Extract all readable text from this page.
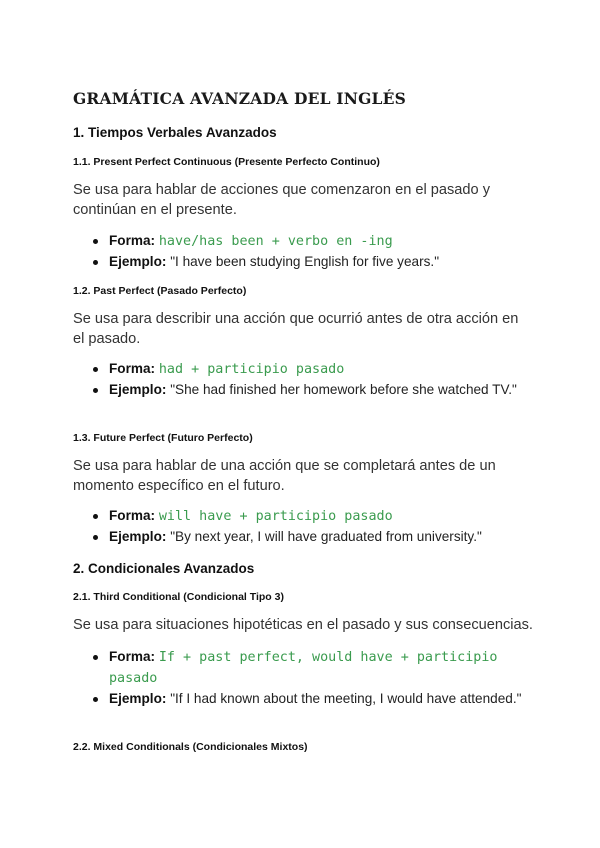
GRAMÁTICA AVANZADA DEL INGLÉS
1. Tiempos Verbales Avanzados
1.1. Present Perfect Continuous (Presente Perfecto Continuo)

Se usa para hablar de acciones que comenzaron en el pasado y continúan en el presente.

Forma: have/has been + verbo en -ing
Ejemplo: "I have been studying English for five years."
1.2. Past Perfect (Pasado Perfecto)

Se usa para describir una acción que ocurrió antes de otra acción en el pasado.

Forma: had + participio pasado
Ejemplo: "She had finished her homework before she watched TV."
1.3. Future Perfect (Futuro Perfecto)

Se usa para hablar de una acción que se completará antes de un momento específico en el futuro.

Forma: will have + participio pasado
Ejemplo: "By next year, I will have graduated from university."
2. Condicionales Avanzados
2.1. Third Conditional (Condicional Tipo 3)

Se usa para situaciones hipotéticas en el pasado y sus consecuencias.

Forma: If + past perfect, would have + participio pasado
Ejemplo: "If I had known about the meeting, I would have attended."
2.2. Mixed Conditionals (Condicionales Mixtos)
